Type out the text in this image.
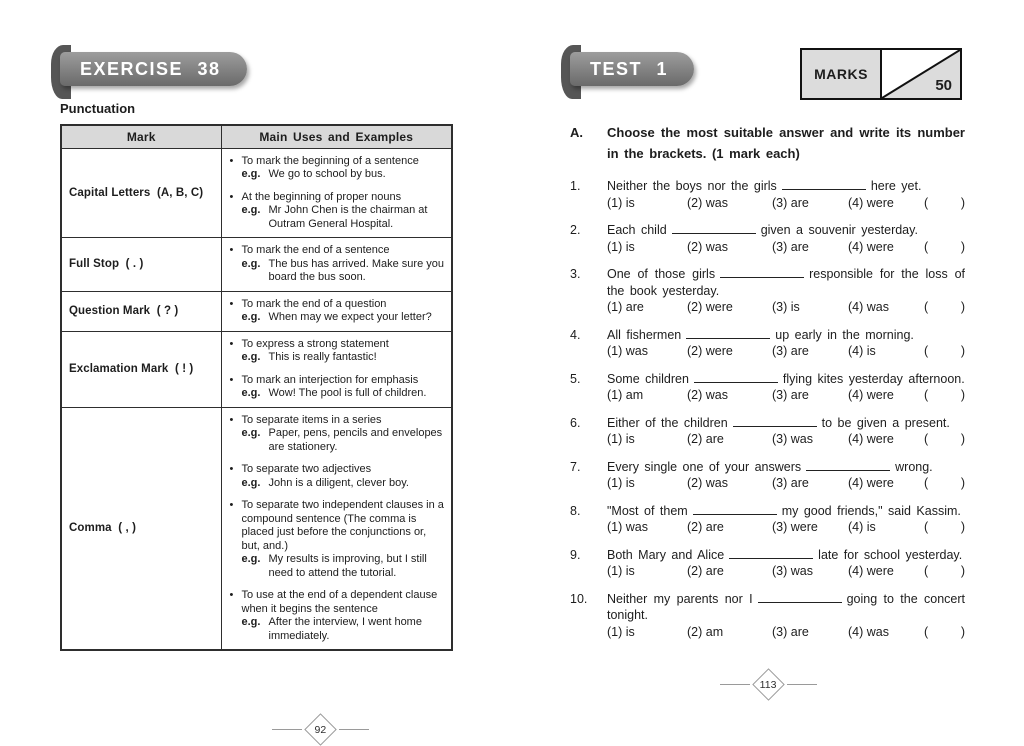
EXERCISE 38
Punctuation
Mark	Main Uses and Examples
Capital Letters  (A, B, C)	• To mark the beginning of a sentence
e.g. We go to school by bus.
• At the beginning of proper nouns
e.g. Mr John Chen is the chairman at Outram General Hospital.

Full Stop  ( . )	• To mark the end of a sentence
e.g. The bus has arrived. Make sure you board the bus soon.

Question Mark  ( ? )	• To mark the end of a question
e.g. When may we expect your letter?

Exclamation Mark  ( ! )	• To express a strong statement
e.g. This is really fantastic!
• To mark an interjection for emphasis
e.g. Wow! The pool is full of children.

Comma  ( , )	
• To separate items in a series
e.g. Paper, pens, pencils and envelopes are stationery.
• To separate two adjectives
e.g. John is a diligent, clever boy.
• To separate two independent clauses in a compound sentence (The comma is placed just before the conjunctions or, but, and.)
e.g. My results is improving, but I still need to attend the tutorial.
• To use at the end of a dependent clause when it begins the sentence
e.g. After the interview, I went home immediately.
92
TEST 1	MARKS
50
A.	Choose the most suitable answer and write its number in the brackets. (1 mark each)
1.	Neither the boys nor the girls	here yet.
(1) is	(2) was	(3) are	(4) were	(	)
2.	Each child	given a souvenir yesterday.
(1) is	(2) was	(3) are	(4) were	(	)
3.	One of those girls	responsible for the loss of the book yesterday.
(1) are	(2) were	(3) is	(4) was	(	)
4.	All fishermen	up early in the morning.
(1) was	(2) were	(3) are	(4) is	(	)
5.	Some children	flying kites yesterday afternoon.
(1) am	(2) was	(3) are	(4) were	(	)
6.	Either of the children	to be given a present.
(1) is	(2) are	(3) was	(4) were	(	)
7.	Every single one of your answers	wrong.
(1) is	(2) was	(3) are	(4) were	(	)
8.	"Most of them	my good friends," said Kassim.
(1) was	(2) are	(3) were	(4) is	(	)
9.	Both Mary and Alice	late for school yesterday.
(1) is	(2) are	(3) was	(4) were	(	)
10.	Neither my parents nor I	going to the concert tonight.
(1) is	(2) am	(3) are	(4) was	(	)
113
